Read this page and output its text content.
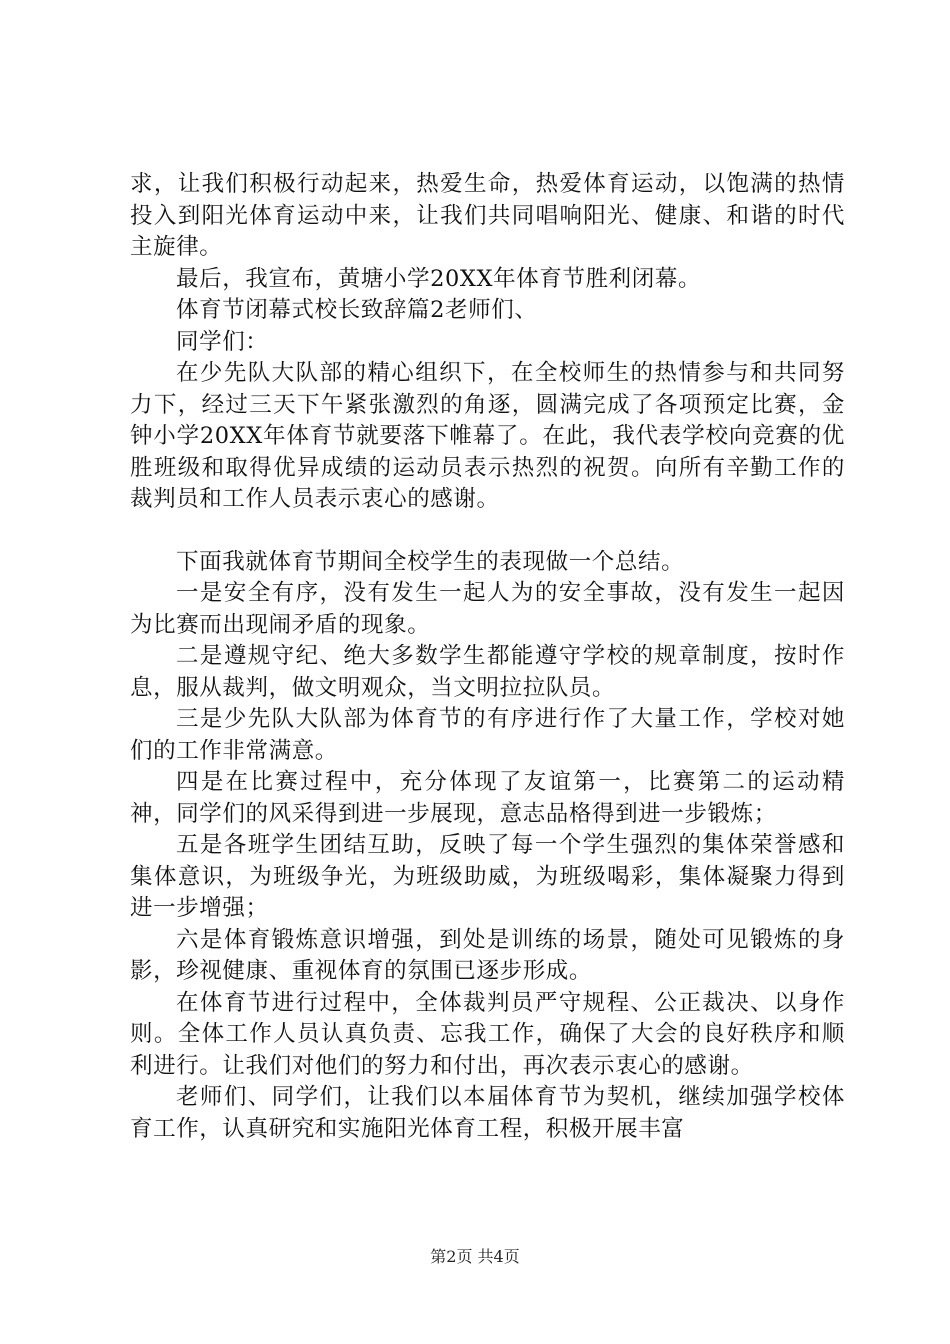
求，让我们积极行动起来，热爱生命，热爱体育运动，以饱满的热情投入到阳光体育运动中来，让我们共同唱响阳光、健康、和谐的时代主旋律。

最后，我宣布，黄塘小学20XX年体育节胜利闭幕。

体育节闭幕式校长致辞篇2老师们、

同学们：

在少先队大队部的精心组织下，在全校师生的热情参与和共同努力下，经过三天下午紧张激烈的角逐，圆满完成了各项预定比赛，金钟小学20XX年体育节就要落下帷幕了。在此，我代表学校向竞赛的优胜班级和取得优异成绩的运动员表示热烈的祝贺。向所有辛勤工作的裁判员和工作人员表示衷心的感谢。

下面我就体育节期间全校学生的表现做一个总结。

一是安全有序，没有发生一起人为的安全事故，没有发生一起因为比赛而出现闹矛盾的现象。

二是遵规守纪、绝大多数学生都能遵守学校的规章制度，按时作息，服从裁判，做文明观众，当文明拉拉队员。

三是少先队大队部为体育节的有序进行作了大量工作，学校对她们的工作非常满意。

四是在比赛过程中，充分体现了友谊第一，比赛第二的运动精神，同学们的风采得到进一步展现，意志品格得到进一步锻炼；

五是各班学生团结互助，反映了每一个学生强烈的集体荣誉感和集体意识，为班级争光，为班级助威，为班级喝彩，集体凝聚力得到进一步增强；

六是体育锻炼意识增强，到处是训练的场景，随处可见锻炼的身影，珍视健康、重视体育的氛围已逐步形成。

在体育节进行过程中，全体裁判员严守规程、公正裁决、以身作则。全体工作人员认真负责、忘我工作，确保了大会的良好秩序和顺利进行。让我们对他们的努力和付出，再次表示衷心的感谢。

老师们、同学们，让我们以本届体育节为契机，继续加强学校体育工作，认真研究和实施阳光体育工程，积极开展丰富

第2页 共4页
